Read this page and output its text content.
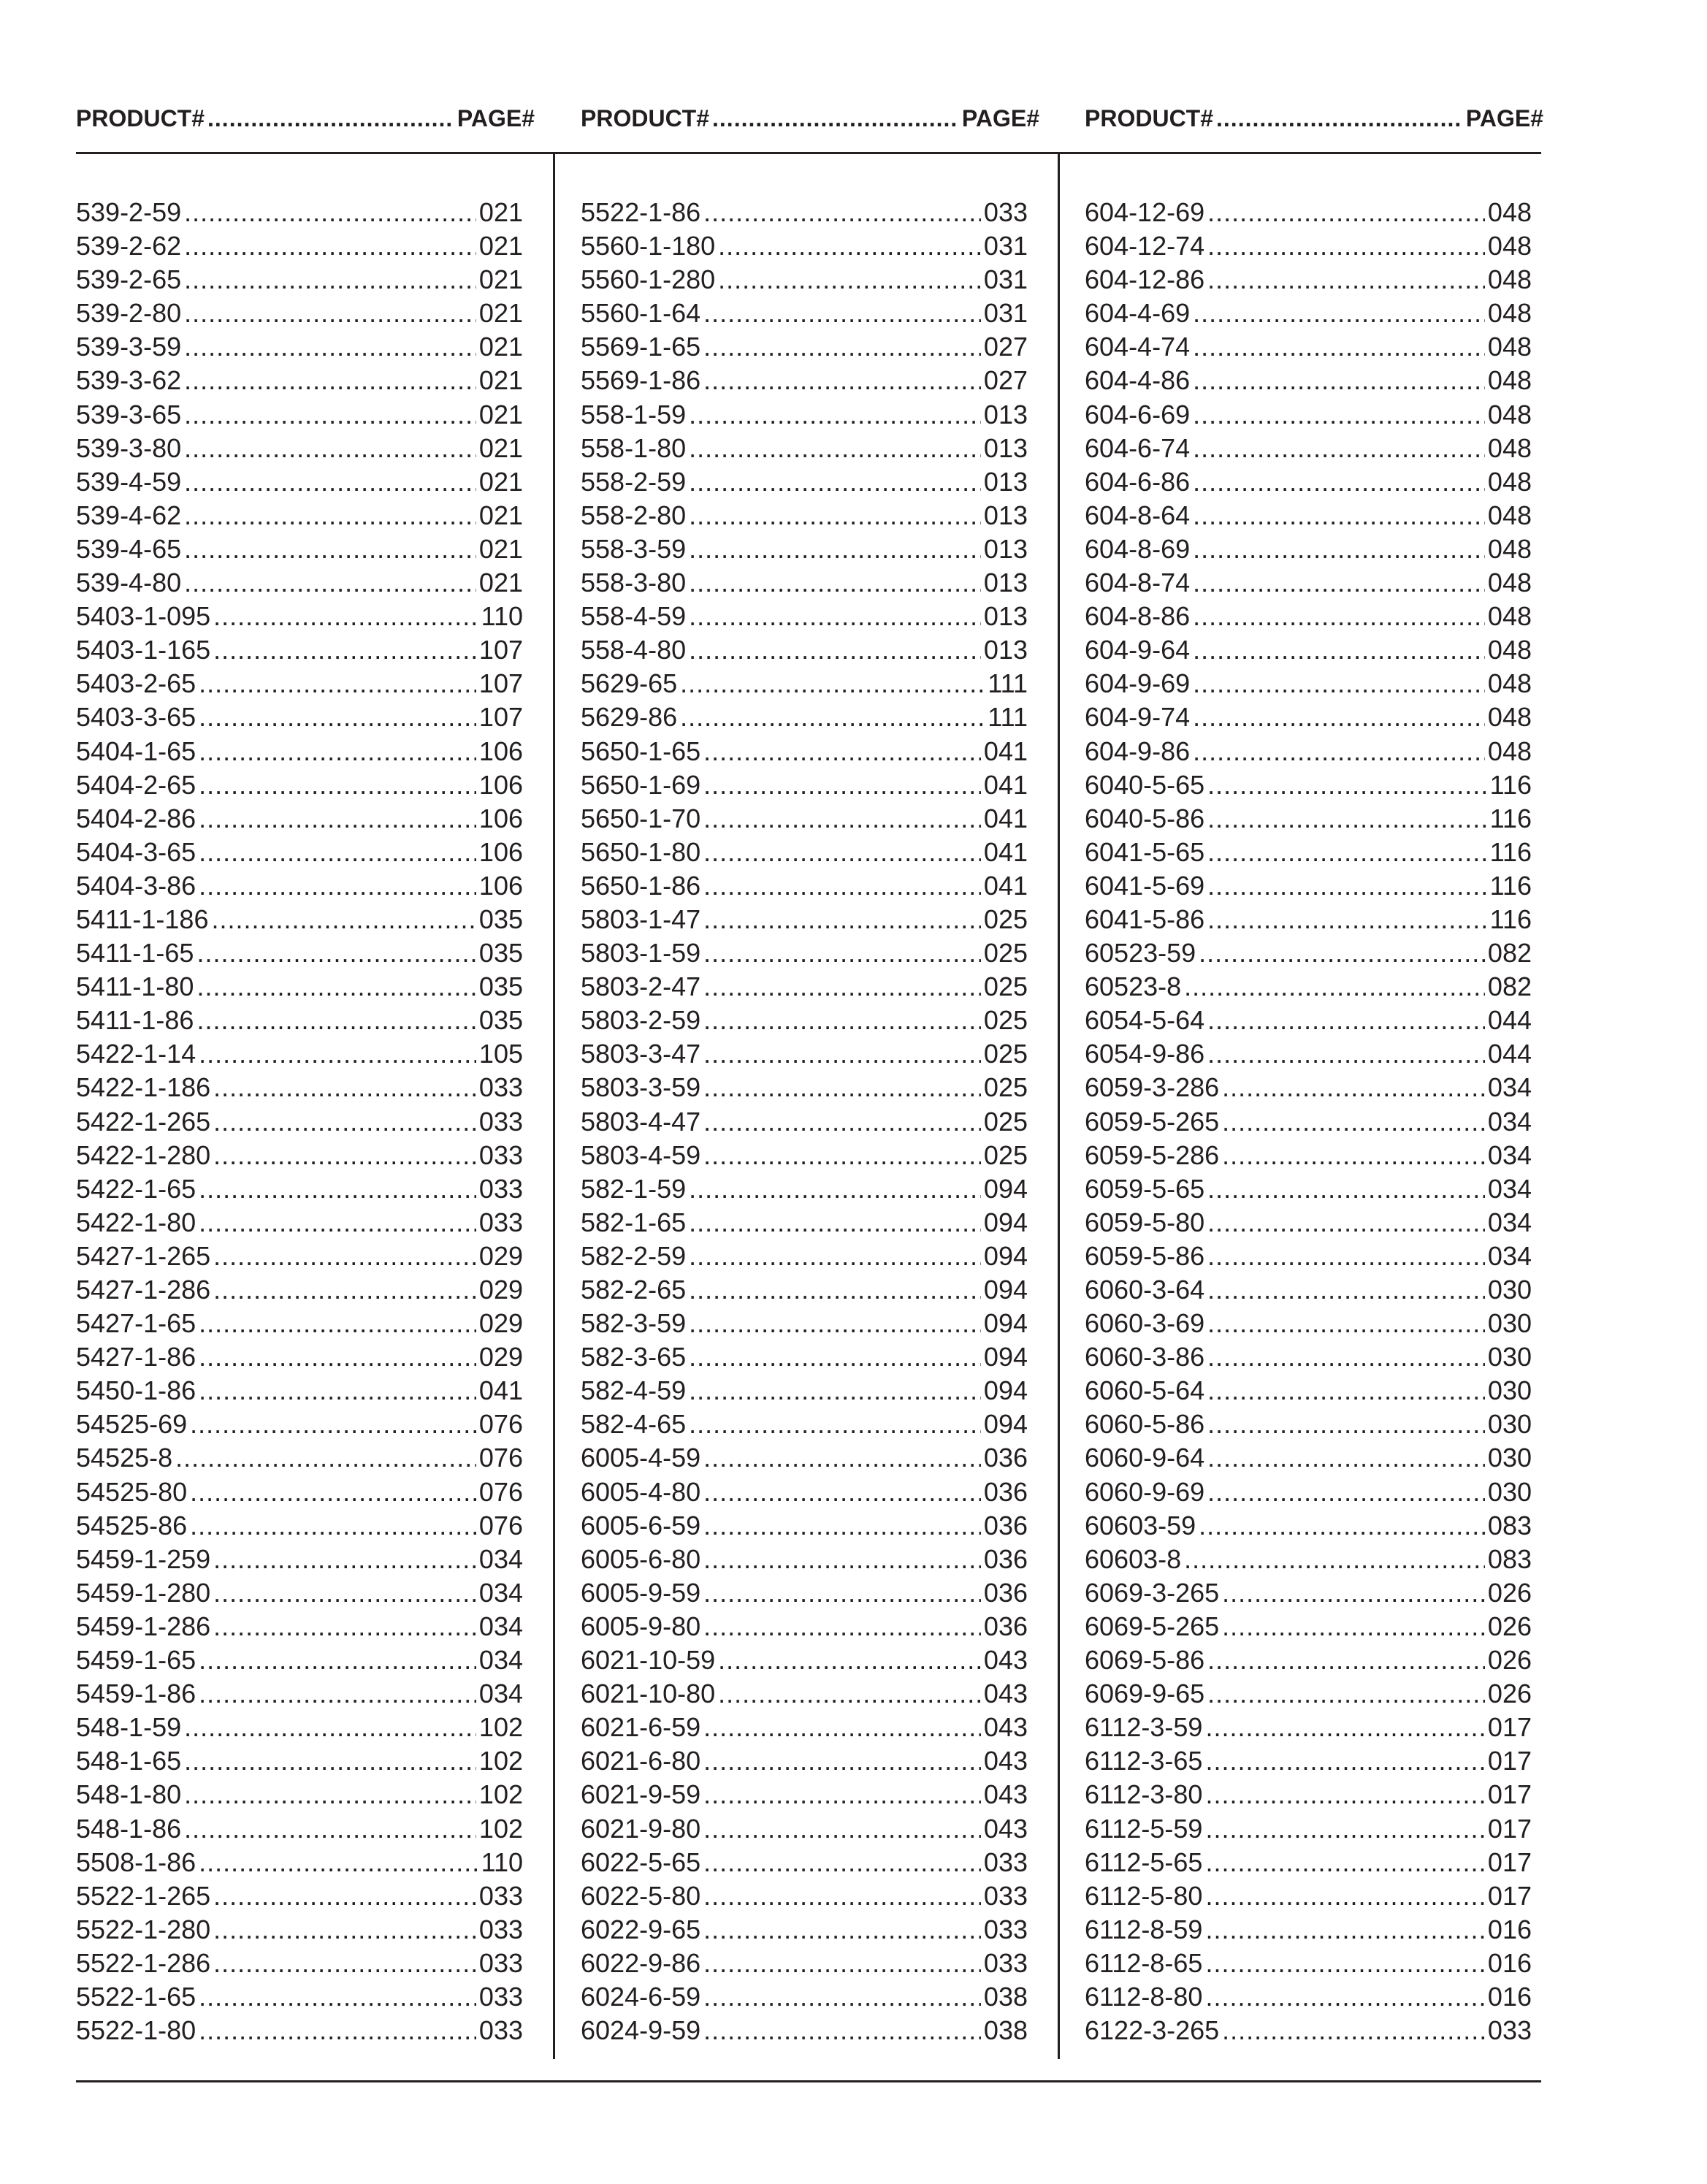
PRODUCT# .....	PAGE#
539-2-59 .....	021
539-2-62 .....	021
539-2-65 .....	021
539-2-80 .....	021
539-3-59 .....	021
539-3-62 .....	021
539-3-65 .....	021
539-3-80 .....	021
539-4-59 .....	021
539-4-62 .....	021
539-4-65 .....	021
539-4-80 .....	021
5403-1-095 .....	110
5403-1-165 .....	107
5403-2-65 .....	107
5403-3-65 .....	107
5404-1-65 .....	106
5404-2-65 .....	106
5404-2-86 .....	106
5404-3-65 .....	106
5404-3-86 .....	106
5411-1-186 .....	035
5411-1-65 .....	035
5411-1-80 .....	035
5411-1-86 .....	035
5422-1-14 .....	105
5422-1-186 .....	033
5422-1-265 .....	033
5422-1-280 .....	033
5422-1-65 .....	033
5422-1-80 .....	033
5427-1-265 .....	029
5427-1-286 .....	029
5427-1-65 .....	029
5427-1-86 .....	029
5450-1-86 .....	041
54525-69 .....	076
54525-8 .....	076
54525-80 .....	076
54525-86 .....	076
5459-1-259 .....	034
5459-1-280 .....	034
5459-1-286 .....	034
5459-1-65 .....	034
5459-1-86 .....	034
548-1-59 .....	102
548-1-65 .....	102
548-1-80 .....	102
548-1-86 .....	102
5508-1-86 .....	110
5522-1-265 .....	033
5522-1-280 .....	033
5522-1-286 .....	033
5522-1-65 .....	033
5522-1-80 .....	033
PRODUCT# .....	PAGE#
5522-1-86 .....	033
5560-1-180 .....	031
5560-1-280 .....	031
5560-1-64 .....	031
5569-1-65 .....	027
5569-1-86 .....	027
558-1-59 .....	013
558-1-80 .....	013
558-2-59 .....	013
558-2-80 .....	013
558-3-59 .....	013
558-3-80 .....	013
558-4-59 .....	013
558-4-80 .....	013
5629-65 .....	111
5629-86 .....	111
5650-1-65 .....	041
5650-1-69 .....	041
5650-1-70 .....	041
5650-1-80 .....	041
5650-1-86 .....	041
5803-1-47 .....	025
5803-1-59 .....	025
5803-2-47 .....	025
5803-2-59 .....	025
5803-3-47 .....	025
5803-3-59 .....	025
5803-4-47 .....	025
5803-4-59 .....	025
582-1-59 .....	094
582-1-65 .....	094
582-2-59 .....	094
582-2-65 .....	094
582-3-59 .....	094
582-3-65 .....	094
582-4-59 .....	094
582-4-65 .....	094
6005-4-59 .....	036
6005-4-80 .....	036
6005-6-59 .....	036
6005-6-80 .....	036
6005-9-59 .....	036
6005-9-80 .....	036
6021-10-59 .....	043
6021-10-80 .....	043
6021-6-59 .....	043
6021-6-80 .....	043
6021-9-59 .....	043
6021-9-80 .....	043
6022-5-65 .....	033
6022-5-80 .....	033
6022-9-65 .....	033
6022-9-86 .....	033
6024-6-59 .....	038
6024-9-59 .....	038
PRODUCT# .....	PAGE#
604-12-69 .....	048
604-12-74 .....	048
604-12-86 .....	048
604-4-69 .....	048
604-4-74 .....	048
604-4-86 .....	048
604-6-69 .....	048
604-6-74 .....	048
604-6-86 .....	048
604-8-64 .....	048
604-8-69 .....	048
604-8-74 .....	048
604-8-86 .....	048
604-9-64 .....	048
604-9-69 .....	048
604-9-74 .....	048
604-9-86 .....	048
6040-5-65 .....	116
6040-5-86 .....	116
6041-5-65 .....	116
6041-5-69 .....	116
6041-5-86 .....	116
60523-59 .....	082
60523-8 .....	082
6054-5-64 .....	044
6054-9-86 .....	044
6059-3-286 .....	034
6059-5-265 .....	034
6059-5-286 .....	034
6059-5-65 .....	034
6059-5-80 .....	034
6059-5-86 .....	034
6060-3-64 .....	030
6060-3-69 .....	030
6060-3-86 .....	030
6060-5-64 .....	030
6060-5-86 .....	030
6060-9-64 .....	030
6060-9-69 .....	030
60603-59 .....	083
60603-8 .....	083
6069-3-265 .....	026
6069-5-265 .....	026
6069-5-86 .....	026
6069-9-65 .....	026
6112-3-59 .....	017
6112-3-65 .....	017
6112-3-80 .....	017
6112-5-59 .....	017
6112-5-65 .....	017
6112-5-80 .....	017
6112-8-59 .....	016
6112-8-65 .....	016
6112-8-80 .....	016
6122-3-265 .....	033
